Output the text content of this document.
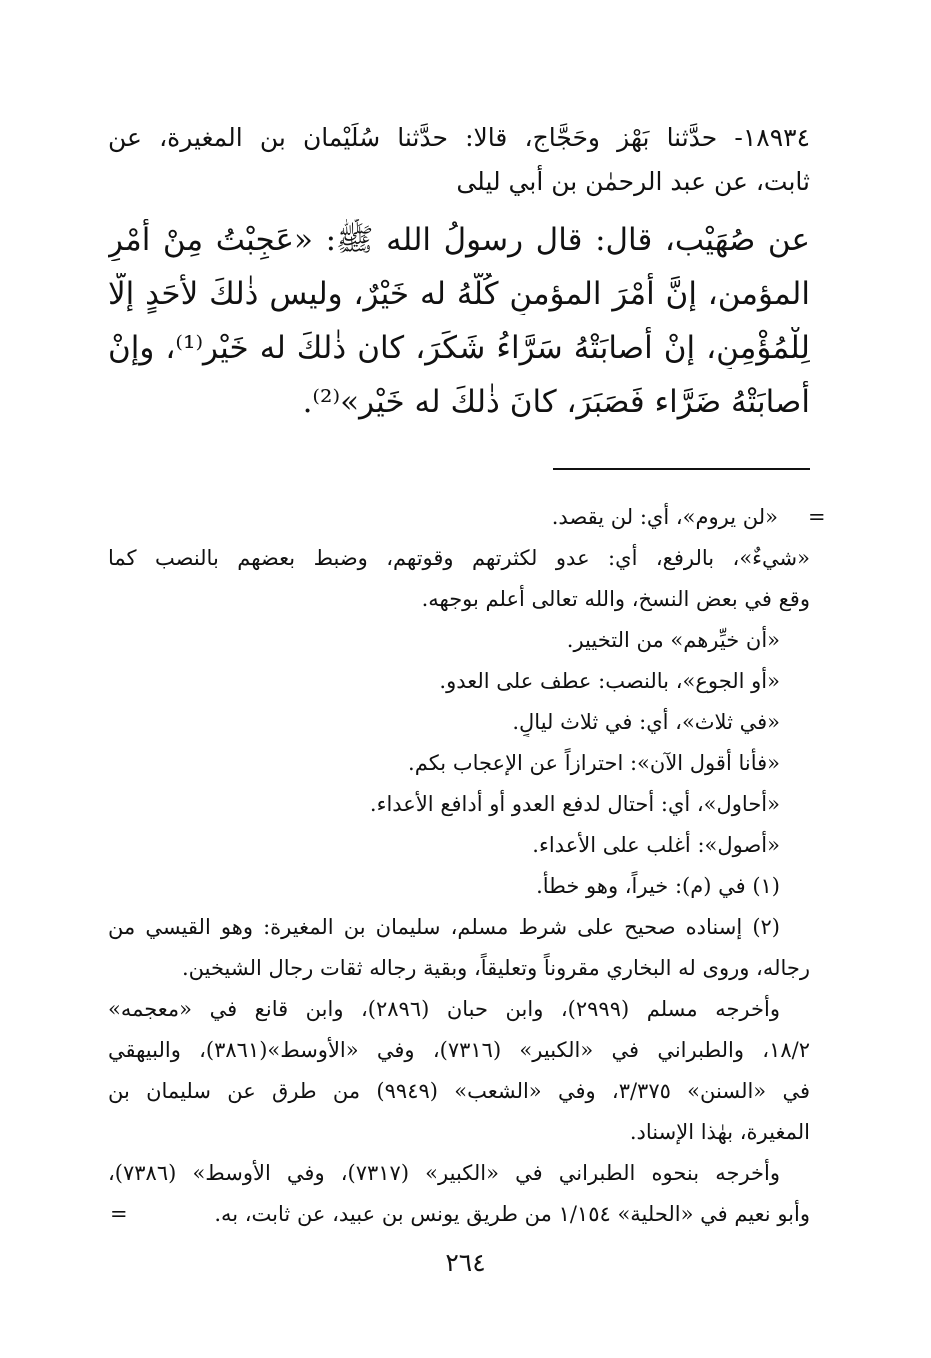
١٨٩٣٤- حدَّثنا بَهْز وحَجَّاج، قالا: حدَّثنا سُلَيْمان بن المغيرة، عن
ثابت، عن عبد الرحمٰن بن أبي ليلى
عن صُهَيْب، قال: قال رسولُ الله ﷺ: «عَجِبْتُ مِنْ أمْرِ
المؤمن، إنَّ أمْرَ المؤمنِ كُلَّهُ له خَيْرٌ، وليس ذٰلكَ لأحَدٍ إلَّا
لِلْمُؤْمِنِ، إنْ أصابَتْهُ سَرَّاءُ شَكَرَ، كان ذٰلكَ له خَيْر⁽¹⁾، وإنْ
أصابَتْهُ ضَرَّاء فَصَبَرَ، كانَ ذٰلكَ له خَيْر»⁽²⁾.
=
«لن يروم»، أي: لن يقصد.
«شيءٌ»، بالرفع، أي: عدو لكثرتهم وقوتهم، وضبط بعضهم بالنصب كما
وقع في بعض النسخ، والله تعالى أعلم بوجهه.
«أن خيِّرهم» من التخيير.
«أو الجوع»، بالنصب: عطف على العدو.
«في ثلاث»، أي: في ثلاث ليالٍ.
«فأنا أقول الآن»: احترازاً عن الإعجاب بكم.
«أحاول»، أي: أحتال لدفع العدو أو أدافع الأعداء.
«أصول»: أغلب على الأعداء.
(١) في (م): خيراً، وهو خطأ.
(٢) إسناده صحيح على شرط مسلم، سليمان بن المغيرة: وهو القيسي من
رجاله، وروى له البخاري مقروناً وتعليقاً، وبقية رجاله ثقات رجال الشيخين.
وأخرجه مسلم (٢٩٩٩)، وابن حبان (٢٨٩٦)، وابن قانع في «معجمه»
١٨/٢، والطبراني في «الكبير» (٧٣١٦)، وفي «الأوسط»(٣٨٦١)، والبيهقي
في «السنن» ٣/٣٧٥، وفي «الشعب» (٩٩٤٩) من طرق عن سليمان بن
المغيرة، بهٰذا الإسناد.
وأخرجه بنحوه الطبراني في «الكبير» (٧٣١٧)، وفي الأوسط» (٧٣٨٦)،
وأبو نعيم في «الحلية» ١/١٥٤ من طريق يونس بن عبيد، عن ثابت، به.
=
٢٦٤
